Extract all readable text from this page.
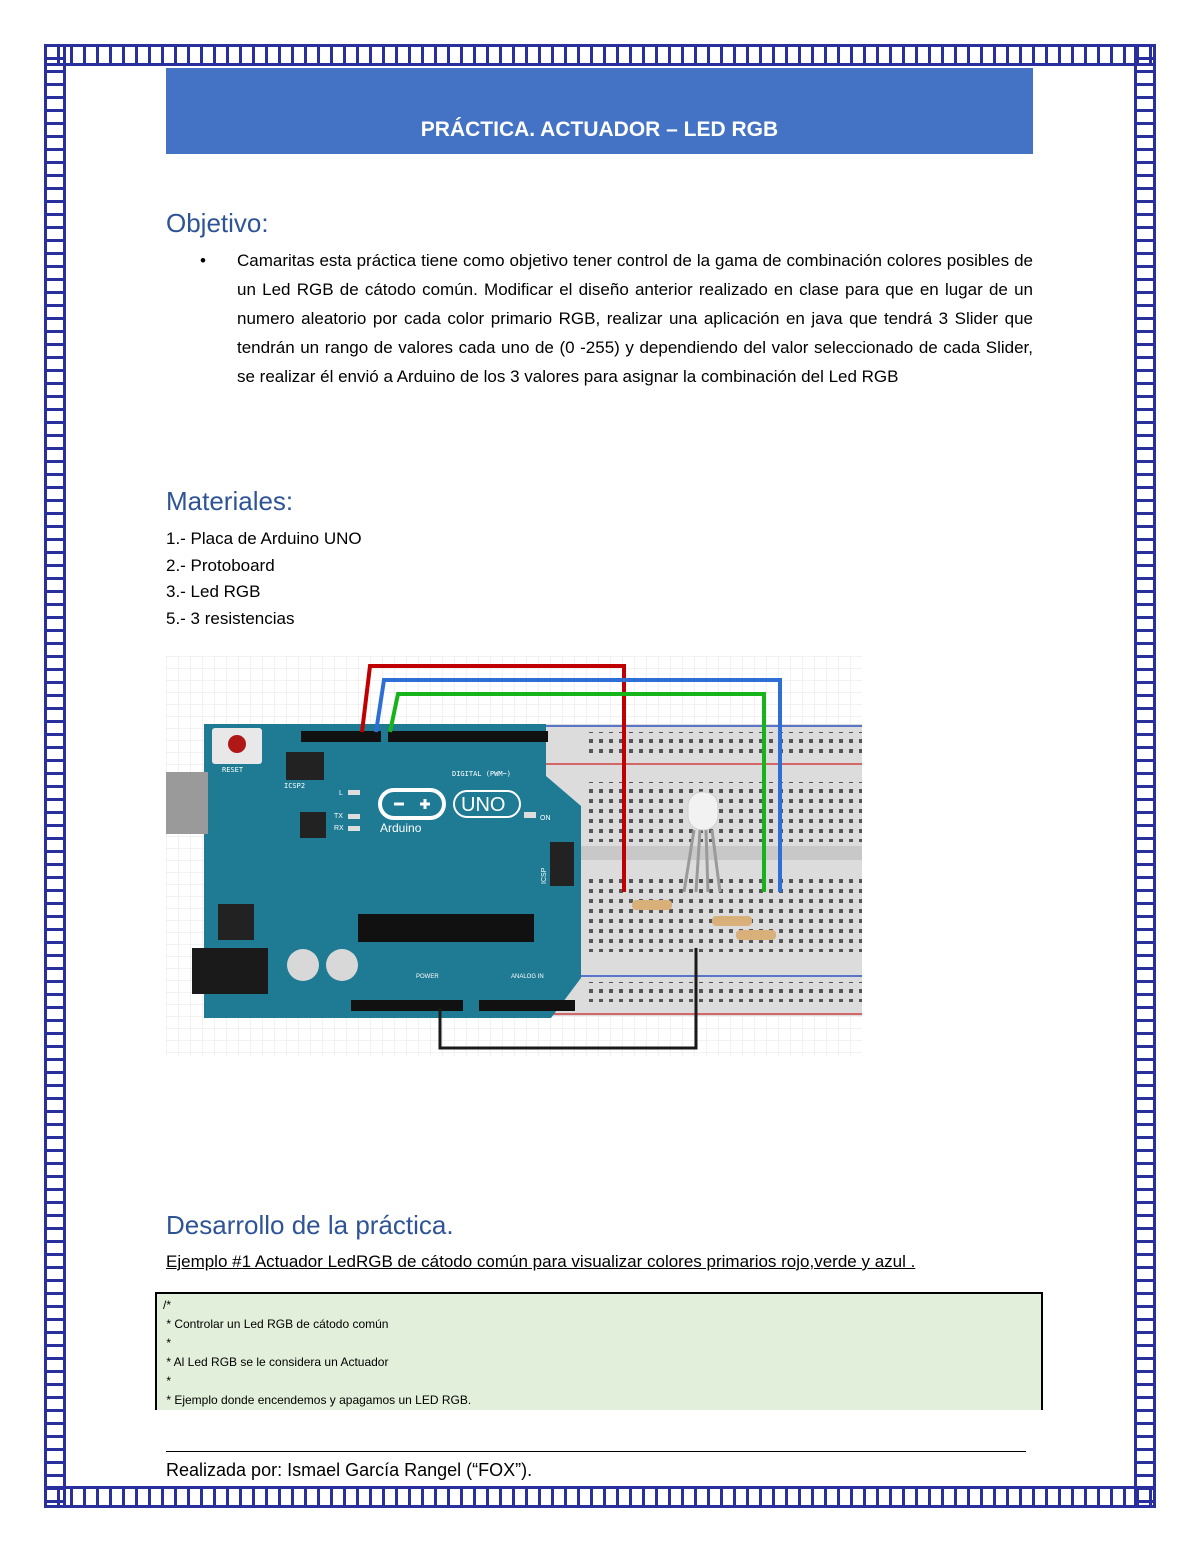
PRÁCTICA. ACTUADOR – LED RGB
Objetivo:
• Camaritas esta práctica tiene como objetivo tener control de la gama de combinación colores posibles de un Led RGB de cátodo común. Modificar el diseño anterior realizado en clase para que en lugar de un numero aleatorio por cada color primario RGB, realizar una aplicación en java que tendrá 3 Slider que tendrán un rango de valores cada uno de (0 -255) y dependiendo del valor seleccionado de cada Slider, se realizar él envió a Arduino de los 3 valores para asignar la combinación del Led RGB
Materiales:
1.- Placa de Arduino UNO
2.- Protoboard
3.- Led RGB
5.- 3 resistencias
RESET
ICSP2
DIGITAL (PWM~)
UNO
Arduino
L
TX
RX
ON
ICSP
POWER	ANALOG IN
Desarrollo de la práctica.
Ejemplo #1 Actuador LedRGB de cátodo común para visualizar colores primarios rojo,verde y azul .
/*
* Controlar un Led RGB de cátodo común
*
* Al Led RGB se le considera un Actuador
*
* Ejemplo donde encendemos y apagamos un LED RGB.
Realizada por: Ismael García Rangel (“FOX”).
